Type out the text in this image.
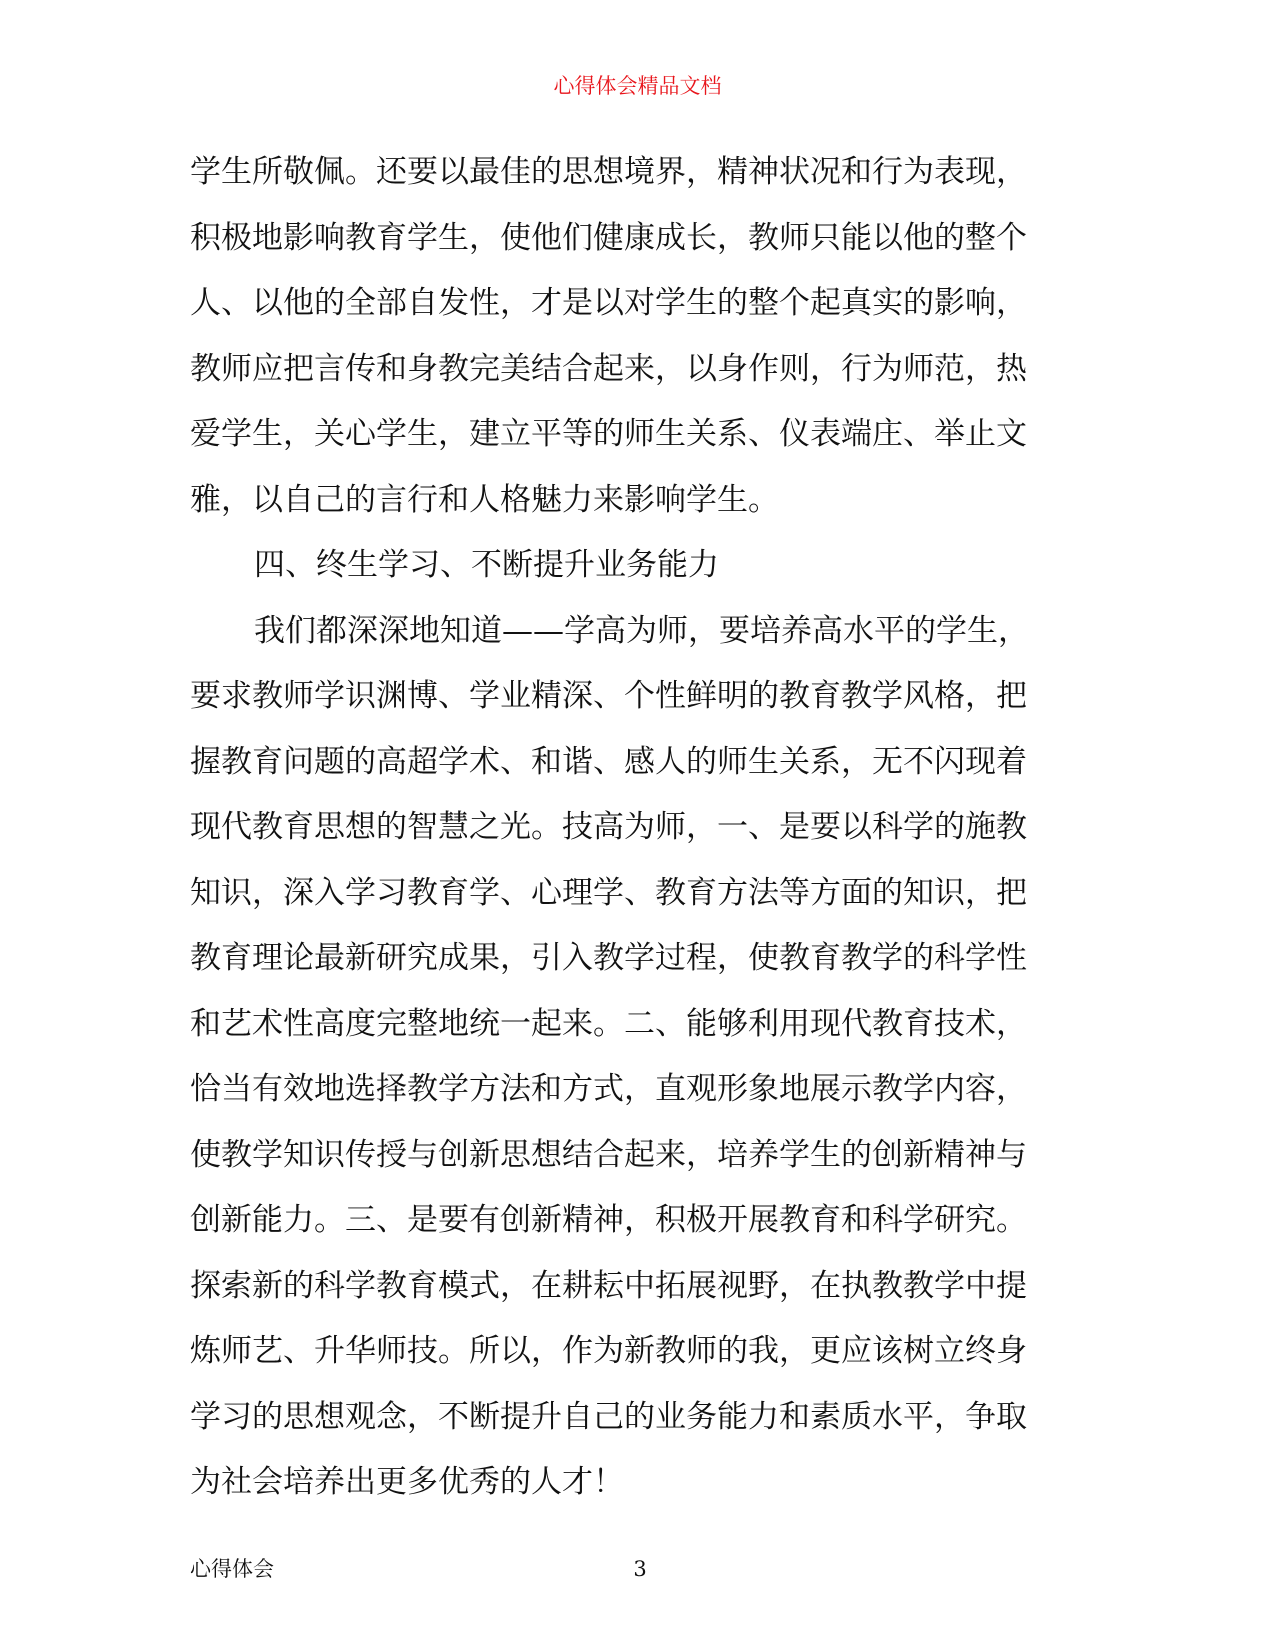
心得体会精品文档
学生所敬佩。还要以最佳的思想境界，精神状况和行为表现，
积极地影响教育学生，使他们健康成长，教师只能以他的整个
人、以他的全部自发性，才是以对学生的整个起真实的影响，
教师应把言传和身教完美结合起来，以身作则，行为师范，热
爱学生，关心学生，建立平等的师生关系、仪表端庄、举止文
雅，以自己的言行和人格魅力来影响学生。
四、终生学习、不断提升业务能力
我们都深深地知道——学高为师，要培养高水平的学生，
要求教师学识渊博、学业精深、个性鲜明的教育教学风格，把
握教育问题的高超学术、和谐、感人的师生关系，无不闪现着
现代教育思想的智慧之光。技高为师，一、是要以科学的施教
知识，深入学习教育学、心理学、教育方法等方面的知识，把
教育理论最新研究成果，引入教学过程，使教育教学的科学性
和艺术性高度完整地统一起来。二、能够利用现代教育技术，
恰当有效地选择教学方法和方式，直观形象地展示教学内容，
使教学知识传授与创新思想结合起来，培养学生的创新精神与
创新能力。三、是要有创新精神，积极开展教育和科学研究。
探索新的科学教育模式，在耕耘中拓展视野，在执教教学中提
炼师艺、升华师技。所以，作为新教师的我，更应该树立终身
学习的思想观念，不断提升自己的业务能力和素质水平，争取
为社会培养出更多优秀的人才！
心得体会	3
